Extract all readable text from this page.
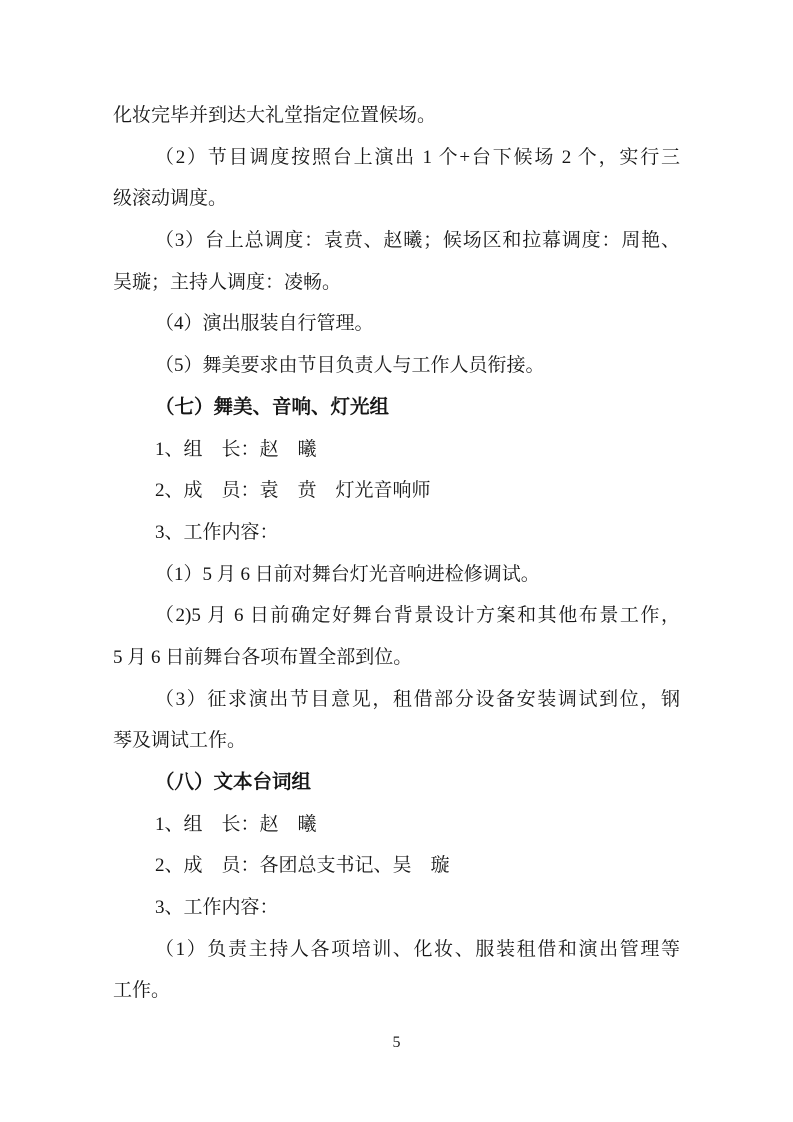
化妆完毕并到达大礼堂指定位置候场。
（2）节目调度按照台上演出 1 个+台下候场 2 个，实行三
级滚动调度。
（3）台上总调度：袁贲、赵曦；候场区和拉幕调度：周艳、
吴璇；主持人调度：凌畅。
（4）演出服装自行管理。
（5）舞美要求由节目负责人与工作人员衔接。
（七）舞美、音响、灯光组
1、组　长：赵　曦
2、成　员：袁　贲　灯光音响师
3、工作内容：
（1）5 月 6 日前对舞台灯光音响进检修调试。
（2)5 月 6 日前确定好舞台背景设计方案和其他布景工作，
5 月 6 日前舞台各项布置全部到位。
（3）征求演出节目意见，租借部分设备安装调试到位，钢
琴及调试工作。
（八）文本台词组
1、组　长：赵　曦
2、成　员：各团总支书记、吴　璇
3、工作内容：
（1）负责主持人各项培训、化妆、服装租借和演出管理等
工作。
5
